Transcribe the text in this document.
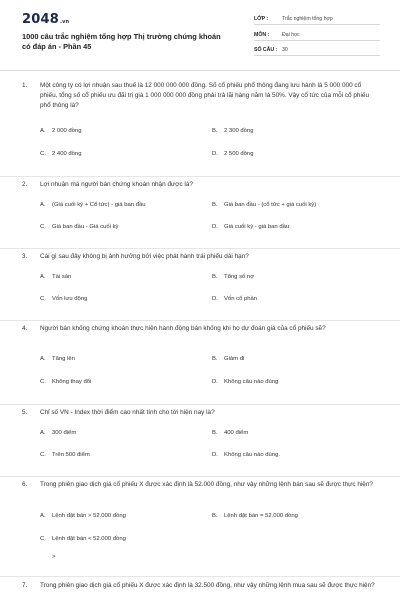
2048.vn
1000 câu trắc nghiệm tổng hợp Thị trường chứng khoán có đáp án - Phần 45
LỚP :	Trắc nghiệm tổng hợp
MÔN : Đại học
SỐ CÂU : 30
1. Một công ty có lợi nhuận sau thuế là 12 000 000 000 đồng. Số cổ phiếu phổ thông đang lưu hành là 5 000 000 cổ phiếu, tổng số cổ phiếu ưu đãi trị giá 1 000 000 000 đồng phải trả lãi hàng năm là 50%. Vậy cổ tức của mỗi cổ phiếu phổ thông là?
A. 2 000 đồng	B. 2 300 đồng
C. 2 400 đồng	D. 2 500 đồng
2. Lợi nhuận mà người bán chứng khoán nhận được là?
A. (Giá cuối kỳ + Cổ tức) - giá ban đầu	B. Giá ban đầu - (cổ tức + giá cuối kỳ)
C. Giá ban đầu - Giá cuối kỳ	D. Giá cuối kỳ - giá ban đầu
3. Cái gì sau đây không bị ảnh hưởng bởi việc phát hành trái phiếu dài hạn?
A. Tài sản	B. Tổng số nợ
C. Vốn lưu động	D. Vốn cổ phần
4. Người bán khống chứng khoán thực hiện hành động bán khống khi họ dự đoán giá của cổ phiếu sẽ?
A. Tăng lên	B. Giảm đi
C. Không thay đổi	D. Không câu nào đúng
5. Chỉ số VN - Index thời điểm cao nhất tính cho tới hiện nay là?
A. 300 điểm	B. 400 điểm
C. Trên 500 điểm	D. Không câu nào đúng.
6. Trong phiên giao dịch giá cổ phiếu X được xác định là 52.000 đồng, như vậy những lệnh bán sau sẽ được thực hiện?
A. Lệnh đặt bán > 52.000 đồng	B. Lệnh đặt bán = 52.000 đồng
C. Lệnh đặt bán < 52.000 đồng
>
7. Trong phiên giao dịch giá cổ phiếu X được xác định là 32.500 đồng, như vậy những lệnh mua sau sẽ được thực hiện?
